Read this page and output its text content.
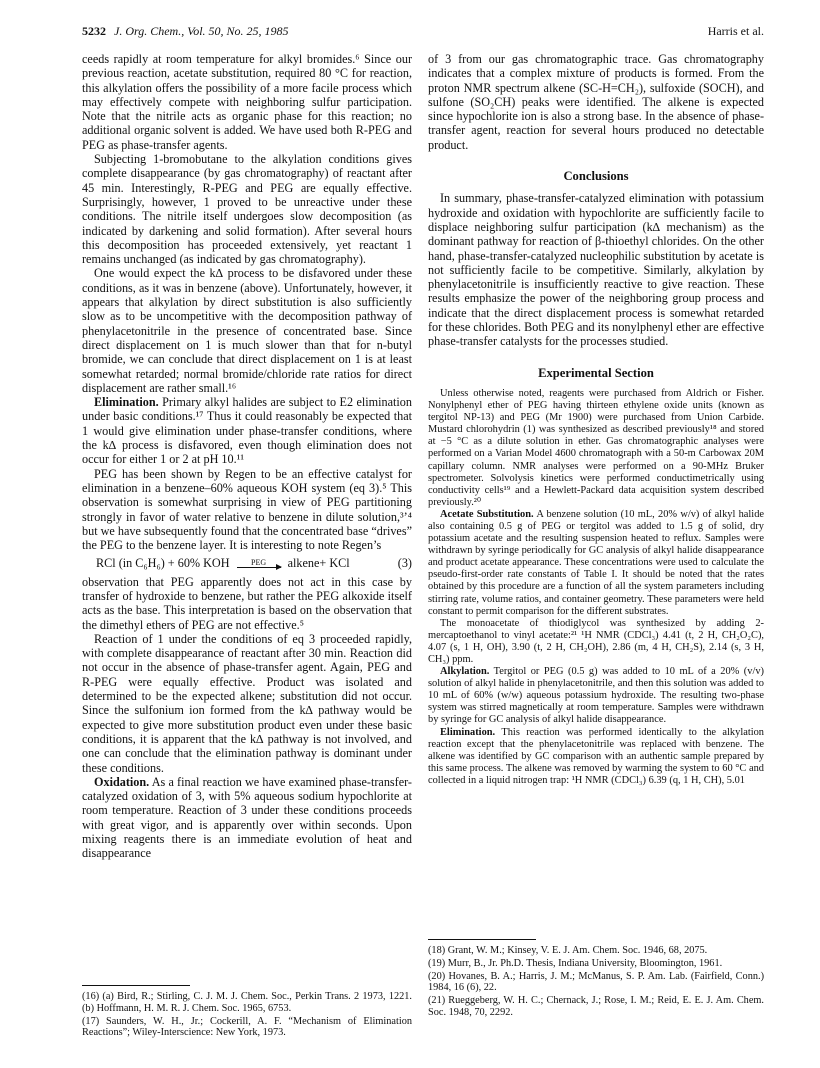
5232 J. Org. Chem., Vol. 50, No. 25, 1985	Harris et al.

ceeds rapidly at room temperature for alkyl bromides.⁶ Since our previous reaction, acetate substitution, required 80 °C for reaction, this alkylation offers the possibility of a more facile process which may effectively compete with neighboring sulfur participation. Note that the nitrile acts as organic phase for this reaction; no additional organic solvent is added. We have used both R-PEG and PEG as phase-transfer agents.

Subjecting 1-bromobutane to the alkylation conditions gives complete disappearance (by gas chromatography) of reactant after 45 min. Interestingly, R-PEG and PEG are equally effective. Surprisingly, however, 1 proved to be unreactive under these conditions. The nitrile itself undergoes slow decomposition (as indicated by darkening and solid formation). After several hours this decomposition has proceeded extensively, yet reactant 1 remains unchanged (as indicated by gas chromatography).

One would expect the k∆ process to be disfavored under these conditions, as it was in benzene (above). Unfortunately, however, it appears that alkylation by direct substitution is also sufficiently slow as to be uncompetitive with the decomposition pathway of phenylacetonitrile in the presence of concentrated base. Since direct displacement on 1 is much slower than that for n-butyl bromide, we can conclude that direct displacement on 1 is at least somewhat retarded; normal bromide/chloride rate ratios for direct displacement are rather small.¹⁶

Elimination. Primary alkyl halides are subject to E2 elimination under basic conditions.¹⁷ Thus it could reasonably be expected that 1 would give elimination under phase-transfer conditions, where the k∆ process is disfavored, even though elimination does not occur for either 1 or 2 at pH 10.¹¹

PEG has been shown by Regen to be an effective catalyst for elimination in a benzene–60% aqueous KOH system (eq 3).⁵ This observation is somewhat surprising in view of PEG partitioning strongly in favor of water relative to benzene in dilute solution,³ʼ⁴ but we have subsequently found that the concentrated base “drives” the PEG to the benzene layer. It is interesting to note Regen’s

RCl (in C₆H₆) + 60% KOH	PEG	alkene+ KCl	(3)

observation that PEG apparently does not act in this case by transfer of hydroxide to benzene, but rather the PEG alkoxide itself acts as the base. This interpretation is based on the observation that the dimethyl ethers of PEG are not effective.⁵

Reaction of 1 under the conditions of eq 3 proceeded rapidly, with complete disappearance of reactant after 30 min. Reaction did not occur in the absence of phase-transfer agent. Again, PEG and R-PEG were equally effective. Product was isolated and determined to be the expected alkene; substitution did not occur. Since the sulfonium ion formed from the k∆ pathway would be expected to give more substitution product even under these basic conditions, it is apparent that the k∆ pathway is not involved, and one can conclude that the elimination pathway is dominant under these conditions.

Oxidation. As a final reaction we have examined phase-transfer-catalyzed oxidation of 3, with 5% aqueous sodium hypochlorite at room temperature. Reaction of 3 under these conditions proceeds with great vigor, and is apparently over within seconds. Upon mixing reagents there is an immediate evolution of heat and disappearance

of 3 from our gas chromatographic trace. Gas chromatography indicates that a complex mixture of products is formed. From the proton NMR spectrum alkene (SC-H=CH₂), sulfoxide (SOCH), and sulfone (SO₂CH) peaks were identified. The alkene is expected since hypochlorite ion is also a strong base. In the absence of phase-transfer agent, reaction for several hours produced no detectable product.

Conclusions

In summary, phase-transfer-catalyzed elimination with potassium hydroxide and oxidation with hypochlorite are sufficiently facile to displace neighboring sulfur participation (k∆ mechanism) as the dominant pathway for reaction of β-thioethyl chlorides. On the other hand, phase-transfer-catalyzed nucleophilic substitution by acetate is not sufficiently facile to be competitive. Similarly, alkylation by phenylacetonitrile is insufficiently reactive to give reaction. These results emphasize the power of the neighboring group process and indicate that the direct displacement process is somewhat retarded for these chlorides. Both PEG and its nonylphenyl ether are effective phase-transfer catalysts for the processes studied.

Experimental Section

Unless otherwise noted, reagents were purchased from Aldrich or Fisher. Nonylphenyl ether of PEG having thirteen ethylene oxide units (known as tergitol NP-13) and PEG (Mr 1900) were purchased from Union Carbide. Mustard chlorohydrin (1) was synthesized as described previously¹⁸ and stored at −5 °C as a dilute solution in ether. Gas chromatographic analyses were performed on a Varian Model 4600 chromatograph with a 50-m Carbowax 20M capillary column. NMR analyses were performed on a 90-MHz Bruker spectrometer. Solvolysis kinetics were performed conductimetrically using conductivity cells¹⁹ and a Hewlett-Packard data acquisition system described previously.²⁰

Acetate Substitution. A benzene solution (10 mL, 20% w/v) of alkyl halide also containing 0.5 g of PEG or tergitol was added to 1.5 g of solid, dry potassium acetate and the resulting suspension heated to reflux. Samples were withdrawn by syringe periodically for GC analysis of alkyl halide disappearance and product acetate appearance. These concentrations were used to calculate the pseudo-first-order rate constants of Table I. It should be noted that the rates obtained by this procedure are a function of all the system parameters including stirring rate, volume ratios, and container geometry. These parameters were held constant to permit comparison for the different substrates.

The monoacetate of thiodiglycol was synthesized by adding 2-mercaptoethanol to vinyl acetate:²¹ ¹H NMR (CDCl₃) 4.41 (t, 2 H, CH₂O₂C), 4.07 (s, 1 H, OH), 3.90 (t, 2 H, CH₂OH), 2.86 (m, 4 H, CH₂S), 2.14 (s, 3 H, CH₃) ppm.

Alkylation. Tergitol or PEG (0.5 g) was added to 10 mL of a 20% (v/v) solution of alkyl halide in phenylacetonitrile, and then this solution was added to 10 mL of 60% (w/w) aqueous potassium hydroxide. The resulting two-phase system was stirred magnetically at room temperature. Samples were withdrawn by syringe for GC analysis of alkyl halide disappearance.

Elimination. This reaction was performed identically to the alkylation reaction except that the phenylacetonitrile was replaced with benzene. The alkene was identified by GC comparison with an authentic sample prepared by this same process. The alkene was removed by warming the system to 60 °C and collected in a liquid nitrogen trap: ¹H NMR (CDCl₃) 6.39 (q, 1 H, CH), 5.01

(16) (a) Bird, R.; Stirling, C. J. M. J. Chem. Soc., Perkin Trans. 2 1973, 1221. (b) Hoffmann, H. M. R. J. Chem. Soc. 1965, 6753.

(17) Saunders, W. H., Jr.; Cockerill, A. F. “Mechanism of Elimination Reactions”; Wiley-Interscience: New York, 1973.

(18) Grant, W. M.; Kinsey, V. E. J. Am. Chem. Soc. 1946, 68, 2075.

(19) Murr, B., Jr. Ph.D. Thesis, Indiana University, Bloomington, 1961.

(20) Hovanes, B. A.; Harris, J. M.; McManus, S. P. Am. Lab. (Fairfield, Conn.) 1984, 16 (6), 22.

(21) Rueggeberg, W. H. C.; Chernack, J.; Rose, I. M.; Reid, E. E. J. Am. Chem. Soc. 1948, 70, 2292.
